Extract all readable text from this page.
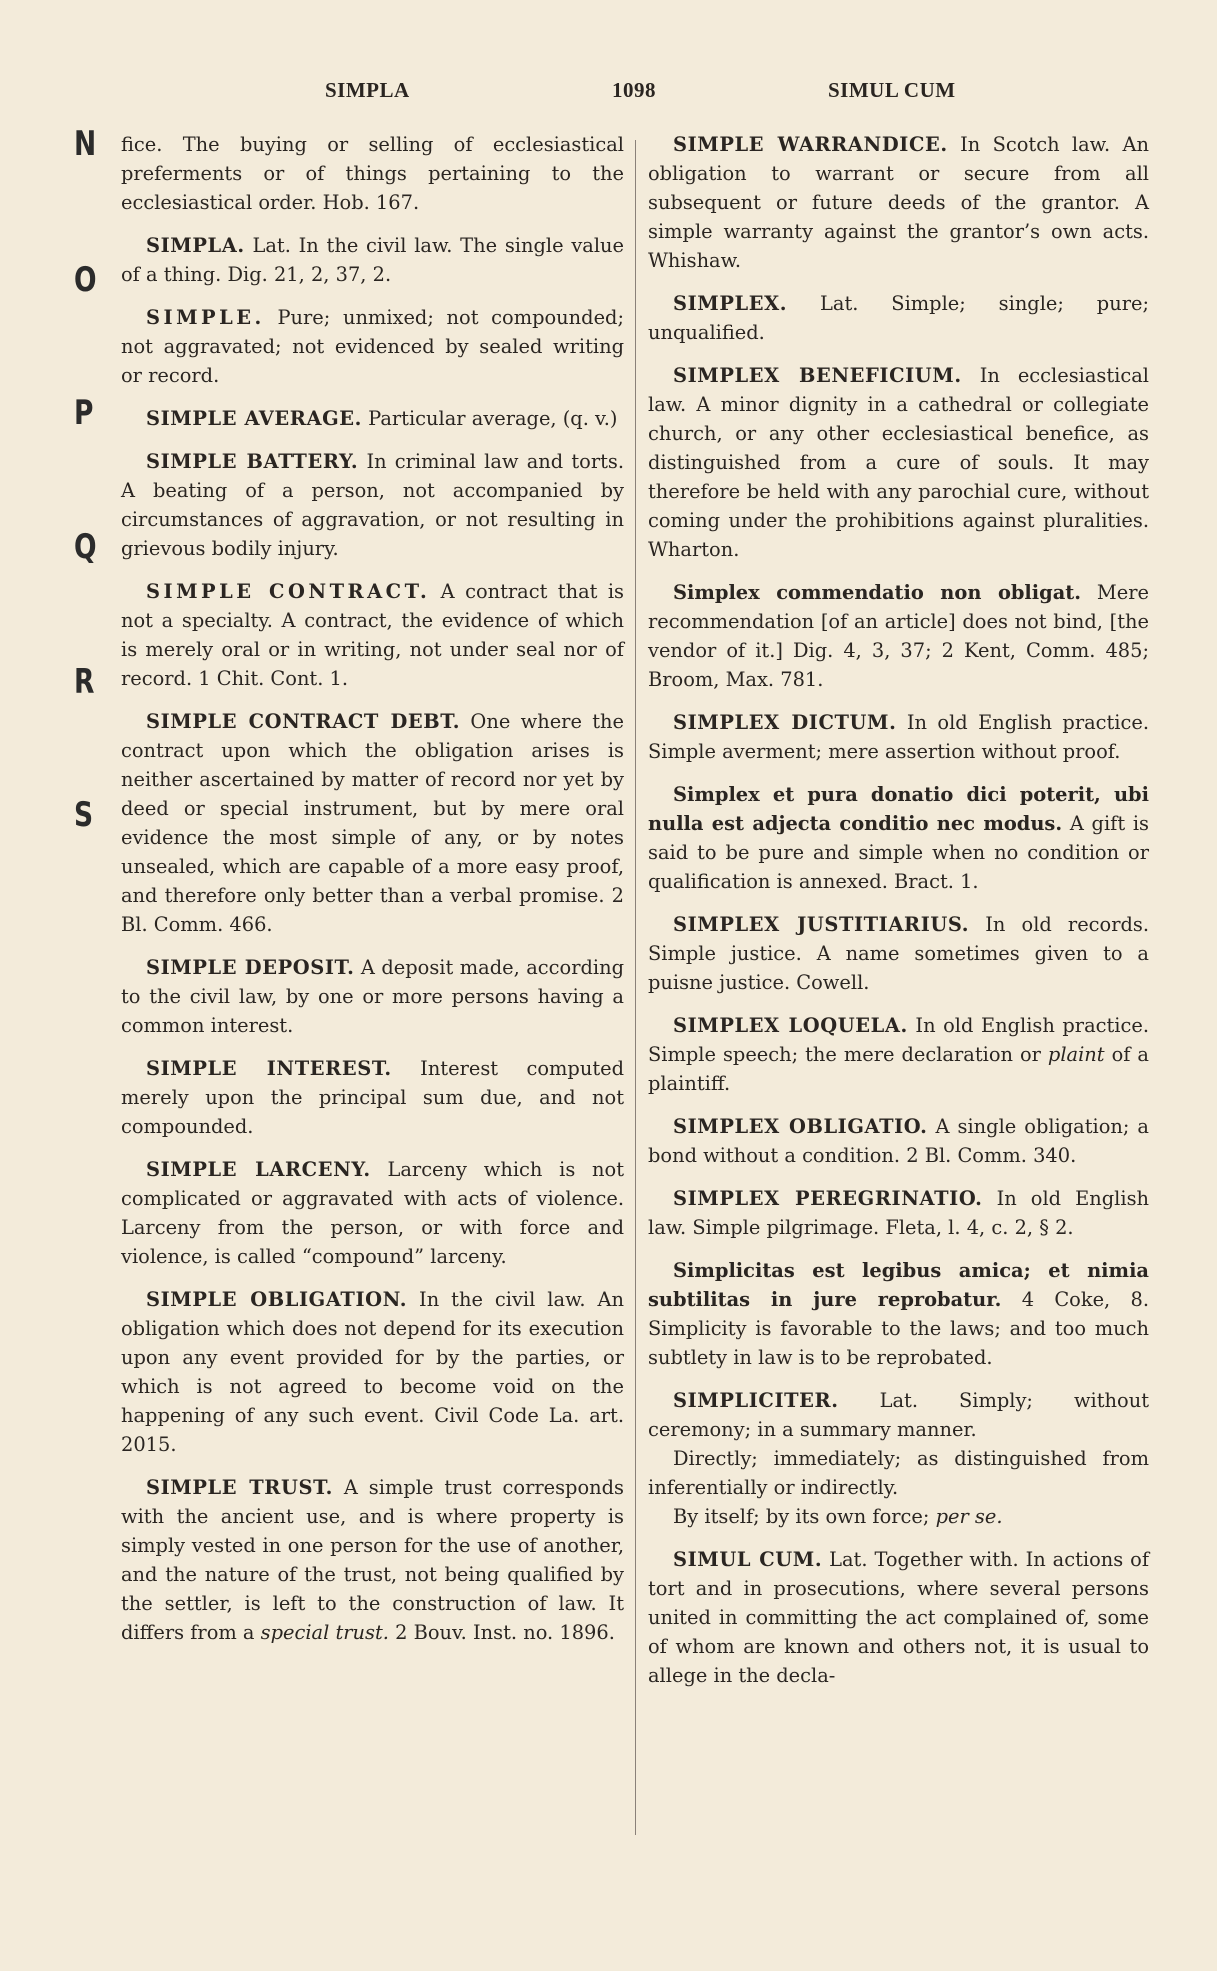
SIMPLA	1098	SIMUL CUM
N
O
P
Q
R
S

fice. The buying or selling of ecclesiastical preferments or of things pertaining to the ecclesiastical order. Hob. 167.

SIMPLA. Lat. In the civil law. The single value of a thing. Dig. 21, 2, 37, 2.

SIMPLE. Pure; unmixed; not compounded; not aggravated; not evidenced by sealed writing or record.

SIMPLE AVERAGE. Particular average, (q. v.)

SIMPLE BATTERY. In criminal law and torts. A beating of a person, not accompanied by circumstances of aggravation, or not resulting in grievous bodily injury.

SIMPLE CONTRACT. A contract that is not a specialty. A contract, the evidence of which is merely oral or in writing, not under seal nor of record. 1 Chit. Cont. 1.

SIMPLE CONTRACT DEBT. One where the contract upon which the obligation arises is neither ascertained by matter of record nor yet by deed or special instrument, but by mere oral evidence the most simple of any, or by notes unsealed, which are capable of a more easy proof, and therefore only better than a verbal promise. 2 Bl. Comm. 466.

SIMPLE DEPOSIT. A deposit made, according to the civil law, by one or more persons having a common interest.

SIMPLE INTEREST. Interest computed merely upon the principal sum due, and not compounded.

SIMPLE LARCENY. Larceny which is not complicated or aggravated with acts of violence. Larceny from the person, or with force and violence, is called “compound” larceny.

SIMPLE OBLIGATION. In the civil law. An obligation which does not depend for its execution upon any event provided for by the parties, or which is not agreed to become void on the happening of any such event. Civil Code La. art. 2015.

SIMPLE TRUST. A simple trust corresponds with the ancient use, and is where property is simply vested in one person for the use of another, and the nature of the trust, not being qualified by the settler, is left to the construction of law. It differs from a special trust. 2 Bouv. Inst. no. 1896.

SIMPLE WARRANDICE. In Scotch law. An obligation to warrant or secure from all subsequent or future deeds of the grantor. A simple warranty against the grantor’s own acts. Whishaw.

SIMPLEX. Lat. Simple; single; pure; unqualified.

SIMPLEX BENEFICIUM. In ecclesiastical law. A minor dignity in a cathedral or collegiate church, or any other ecclesiastical benefice, as distinguished from a cure of souls. It may therefore be held with any parochial cure, without coming under the prohibitions against pluralities. Wharton.

Simplex commendatio non obligat. Mere recommendation [of an article] does not bind, [the vendor of it.] Dig. 4, 3, 37; 2 Kent, Comm. 485; Broom, Max. 781.

SIMPLEX DICTUM. In old English practice. Simple averment; mere assertion without proof.

Simplex et pura donatio dici poterit, ubi nulla est adjecta conditio nec modus. A gift is said to be pure and simple when no condition or qualification is annexed. Bract. 1.

SIMPLEX JUSTITIARIUS. In old records. Simple justice. A name sometimes given to a puisne justice. Cowell.

SIMPLEX LOQUELA. In old English practice. Simple speech; the mere declaration or plaint of a plaintiff.

SIMPLEX OBLIGATIO. A single obligation; a bond without a condition. 2 Bl. Comm. 340.

SIMPLEX PEREGRINATIO. In old English law. Simple pilgrimage. Fleta, l. 4, c. 2, § 2.

Simplicitas est legibus amica; et nimia subtilitas in jure reprobatur. 4 Coke, 8. Simplicity is favorable to the laws; and too much subtlety in law is to be reprobated.

SIMPLICITER. Lat. Simply; without ceremony; in a summary manner.

Directly; immediately; as distinguished from inferentially or indirectly.

By itself; by its own force; per se.

SIMUL CUM. Lat. Together with. In actions of tort and in prosecutions, where several persons united in committing the act complained of, some of whom are known and others not, it is usual to allege in the decla-
